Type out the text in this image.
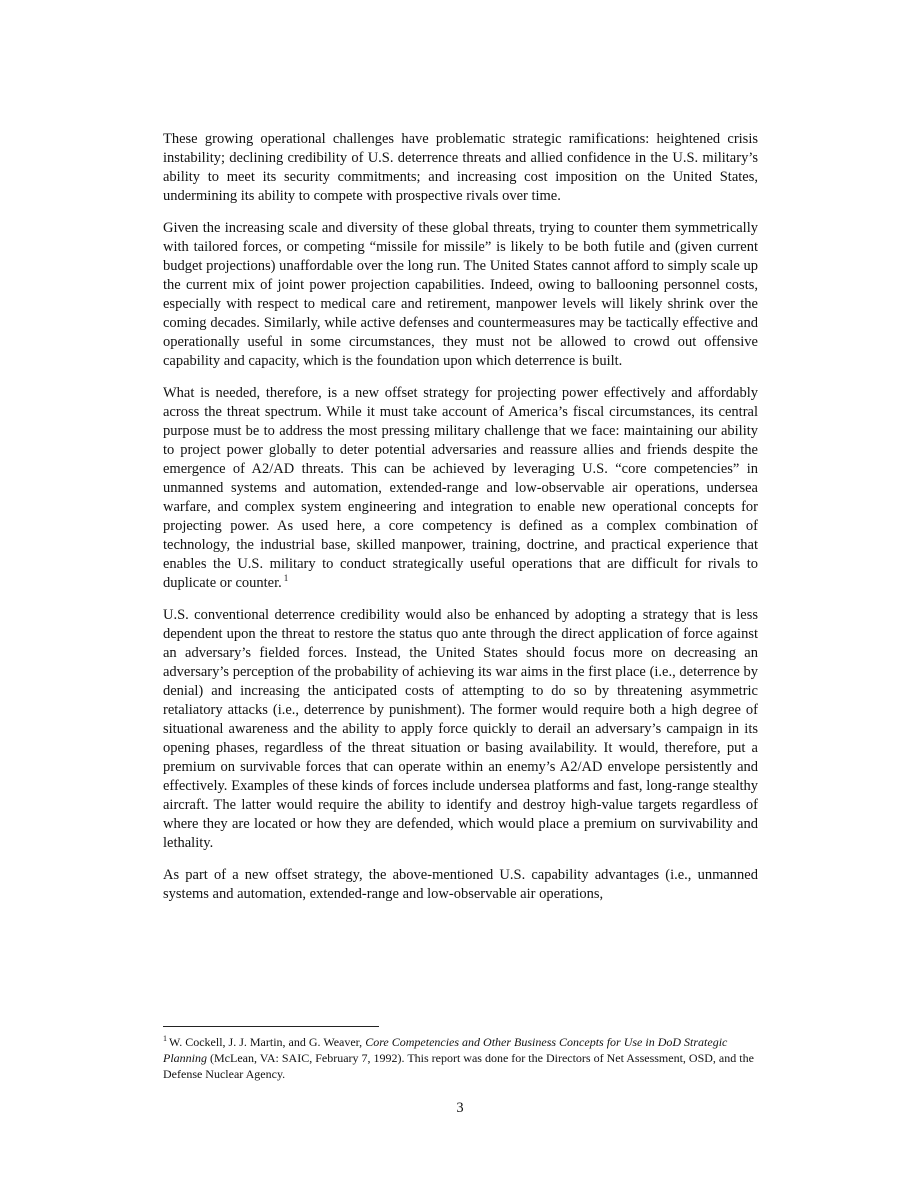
These growing operational challenges have problematic strategic ramifications: heightened crisis instability; declining credibility of U.S. deterrence threats and allied confidence in the U.S. military’s ability to meet its security commitments; and increasing cost imposition on the United States, undermining its ability to compete with prospective rivals over time.

Given the increasing scale and diversity of these global threats, trying to counter them symmetrically with tailored forces, or competing “missile for missile” is likely to be both futile and (given current budget projections) unaffordable over the long run. The United States cannot afford to simply scale up the current mix of joint power projection capabilities. Indeed, owing to ballooning personnel costs, especially with respect to medical care and retirement, manpower levels will likely shrink over the coming decades. Similarly, while active defenses and countermeasures may be tactically effective and operationally useful in some circumstances, they must not be allowed to crowd out offensive capability and capacity, which is the foundation upon which deterrence is built.

What is needed, therefore, is a new offset strategy for projecting power effectively and affordably across the threat spectrum. While it must take account of America’s fiscal circumstances, its central purpose must be to address the most pressing military challenge that we face: maintaining our ability to project power globally to deter potential adversaries and reassure allies and friends despite the emergence of A2/AD threats. This can be achieved by leveraging U.S. “core competencies” in unmanned systems and automation, extended-range and low-observable air operations, undersea warfare, and complex system engineering and integration to enable new operational concepts for projecting power. As used here, a core competency is defined as a complex combination of technology, the industrial base, skilled manpower, training, doctrine, and practical experience that enables the U.S. military to conduct strategically useful operations that are difficult for rivals to duplicate or counter. $^1$

U.S. conventional deterrence credibility would also be enhanced by adopting a strategy that is less dependent upon the threat to restore the status quo ante through the direct application of force against an adversary’s fielded forces. Instead, the United States should focus more on decreasing an adversary’s perception of the probability of achieving its war aims in the first place (i.e., deterrence by denial) and increasing the anticipated costs of attempting to do so by threatening asymmetric retaliatory attacks (i.e., deterrence by punishment). The former would require both a high degree of situational awareness and the ability to apply force quickly to derail an adversary’s campaign in its opening phases, regardless of the threat situation or basing availability. It would, therefore, put a premium on survivable forces that can operate within an enemy’s A2/AD envelope persistently and effectively. Examples of these kinds of forces include undersea platforms and fast, long-range stealthy aircraft. The latter would require the ability to identify and destroy high-value targets regardless of where they are located or how they are defended, which would place a premium on survivability and lethality.

As part of a new offset strategy, the above-mentioned U.S. capability advantages (i.e., unmanned systems and automation, extended-range and low-observable air operations,

$^1$ W. Cockell, J. J. Martin, and G. Weaver, Core Competencies and Other Business Concepts for Use in DoD Strategic Planning (McLean, VA: SAIC, February 7, 1992). This report was done for the Directors of Net Assessment, OSD, and the Defense Nuclear Agency.
3
